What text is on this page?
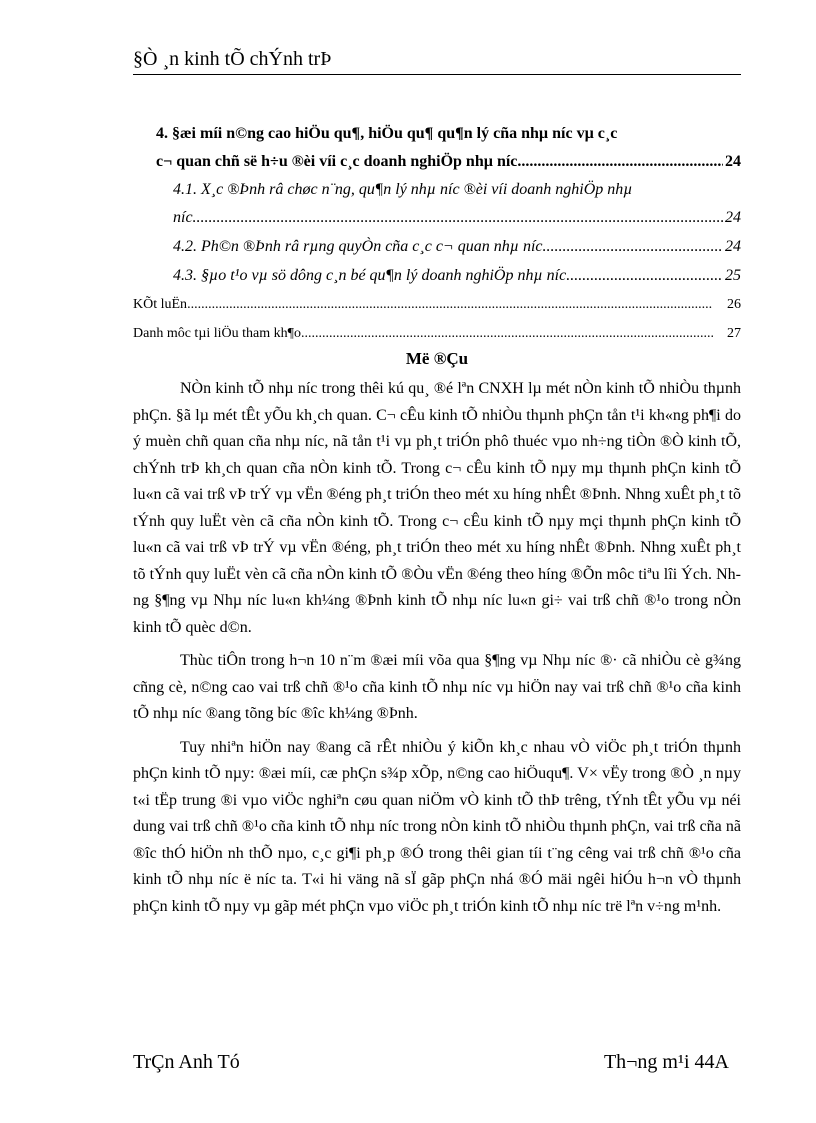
§Ò ¸n kinh tÕ chÝnh trÞ
4. §æi míi n©ng cao hiÖu qu¶, hiÖu qu¶ qu¶n lý cña nhµ níc vµ c¸c
c¬ quan chñ së h÷u ®èi víi c¸c doanh nghiÖp nhµ níc. .....	24
4.1. X¸c ®Þnh râ chøc n¨ng, qu¶n lý nhµ níc ®èi víi doanh nghiÖp nhµ
níc .....	24
4.2. Ph©n ®Þnh râ rµng quyÒn cña c¸c c¬ quan nhµ níc. .....	24
4.3. §µo t¹o vµ sö dông c¸n bé qu¶n lý doanh nghiÖp nhµ níc. .....	25
KÕt luËn .....	26
Danh môc tµi liÖu tham kh¶o. .....	27
Më ®Çu

NÒn kinh tÕ nhµ níc trong thêi kú qu¸ ®é lªn CNXH lµ mét nÒn kinh tÕ nhiÒu thµnh phÇn. §ã lµ mét tÊt yÕu kh¸ch quan. C¬ cÊu kinh tÕ nhiÒu thµnh phÇn tån t¹i kh«ng ph¶i do ý muèn chñ quan cña nhµ níc, nã tån t¹i vµ ph¸t triÓn phô thuéc vµo nh÷ng tiÒn ®Ò kinh tÕ, chÝnh trÞ kh¸ch quan cña nÒn kinh tÕ. Trong c¬ cÊu kinh tÕ nµy mµ thµnh phÇn kinh tÕ lu«n cã vai trß vÞ trÝ vµ vËn ®éng ph¸t triÓn theo mét xu híng nhÊt ®Þnh. Nhng xuÊt ph¸t tõ tÝnh quy luËt vèn cã cña nÒn kinh tÕ. Trong c¬ cÊu kinh tÕ nµy mçi thµnh phÇn kinh tÕ lu«n cã vai trß vÞ trÝ vµ vËn ®éng, ph¸t triÓn theo mét xu híng nhÊt ®Þnh. Nhng xuÊt ph¸t tõ tÝnh quy luËt vèn cã cña nÒn kinh tÕ ®Òu vËn ®éng theo híng ®Õn môc tiªu lîi Ých. Nhng §¶ng vµ Nhµ níc lu«n kh¼ng ®Þnh kinh tÕ nhµ níc lu«n gi÷ vai trß chñ ®¹o trong nÒn kinh tÕ quèc d©n.

Thùc tiÔn trong h¬n 10 n¨m ®æi míi võa qua §¶ng vµ Nhµ níc ®· cã nhiÒu cè g¾ng cñng cè, n©ng cao vai trß chñ ®¹o cña kinh tÕ nhµ níc vµ hiÖn nay vai trß chñ ®¹o cña kinh tÕ nhµ níc ®ang tõng bíc ®îc kh¼ng ®Þnh.

Tuy nhiªn hiÖn nay ®ang cã rÊt nhiÒu ý kiÕn kh¸c nhau vÒ viÖc ph¸t triÓn thµnh phÇn kinh tÕ nµy: ®æi míi, cæ phÇn s¾p xÕp, n©ng cao hiÖuqu¶. V× vËy trong ®Ò ¸n nµy t«i tËp trung ®i vµo viÖc nghiªn cøu quan niÖm vÒ kinh tÕ thÞ trêng, tÝnh tÊt yÕu vµ néi dung vai trß chñ ®¹o cña kinh tÕ nhµ níc trong nÒn kinh tÕ nhiÒu thµnh phÇn, vai trß cña nã ®îc thÓ hiÖn nh thÕ nµo, c¸c gi¶i ph¸p ®Ó trong thêi gian tíi t¨ng cêng vai trß chñ ®¹o cña kinh tÕ nhµ níc ë níc ta. T«i hi väng nã sÏ gãp phÇn nhá ®Ó mäi ngêi hiÓu h¬n vÒ thµnh phÇn kinh tÕ nµy vµ gãp mét phÇn vµo viÖc ph¸t triÓn kinh tÕ nhµ níc trë lªn v÷ng m¹nh.

TrÇn Anh Tó	Th¬ng m¹i 44A
